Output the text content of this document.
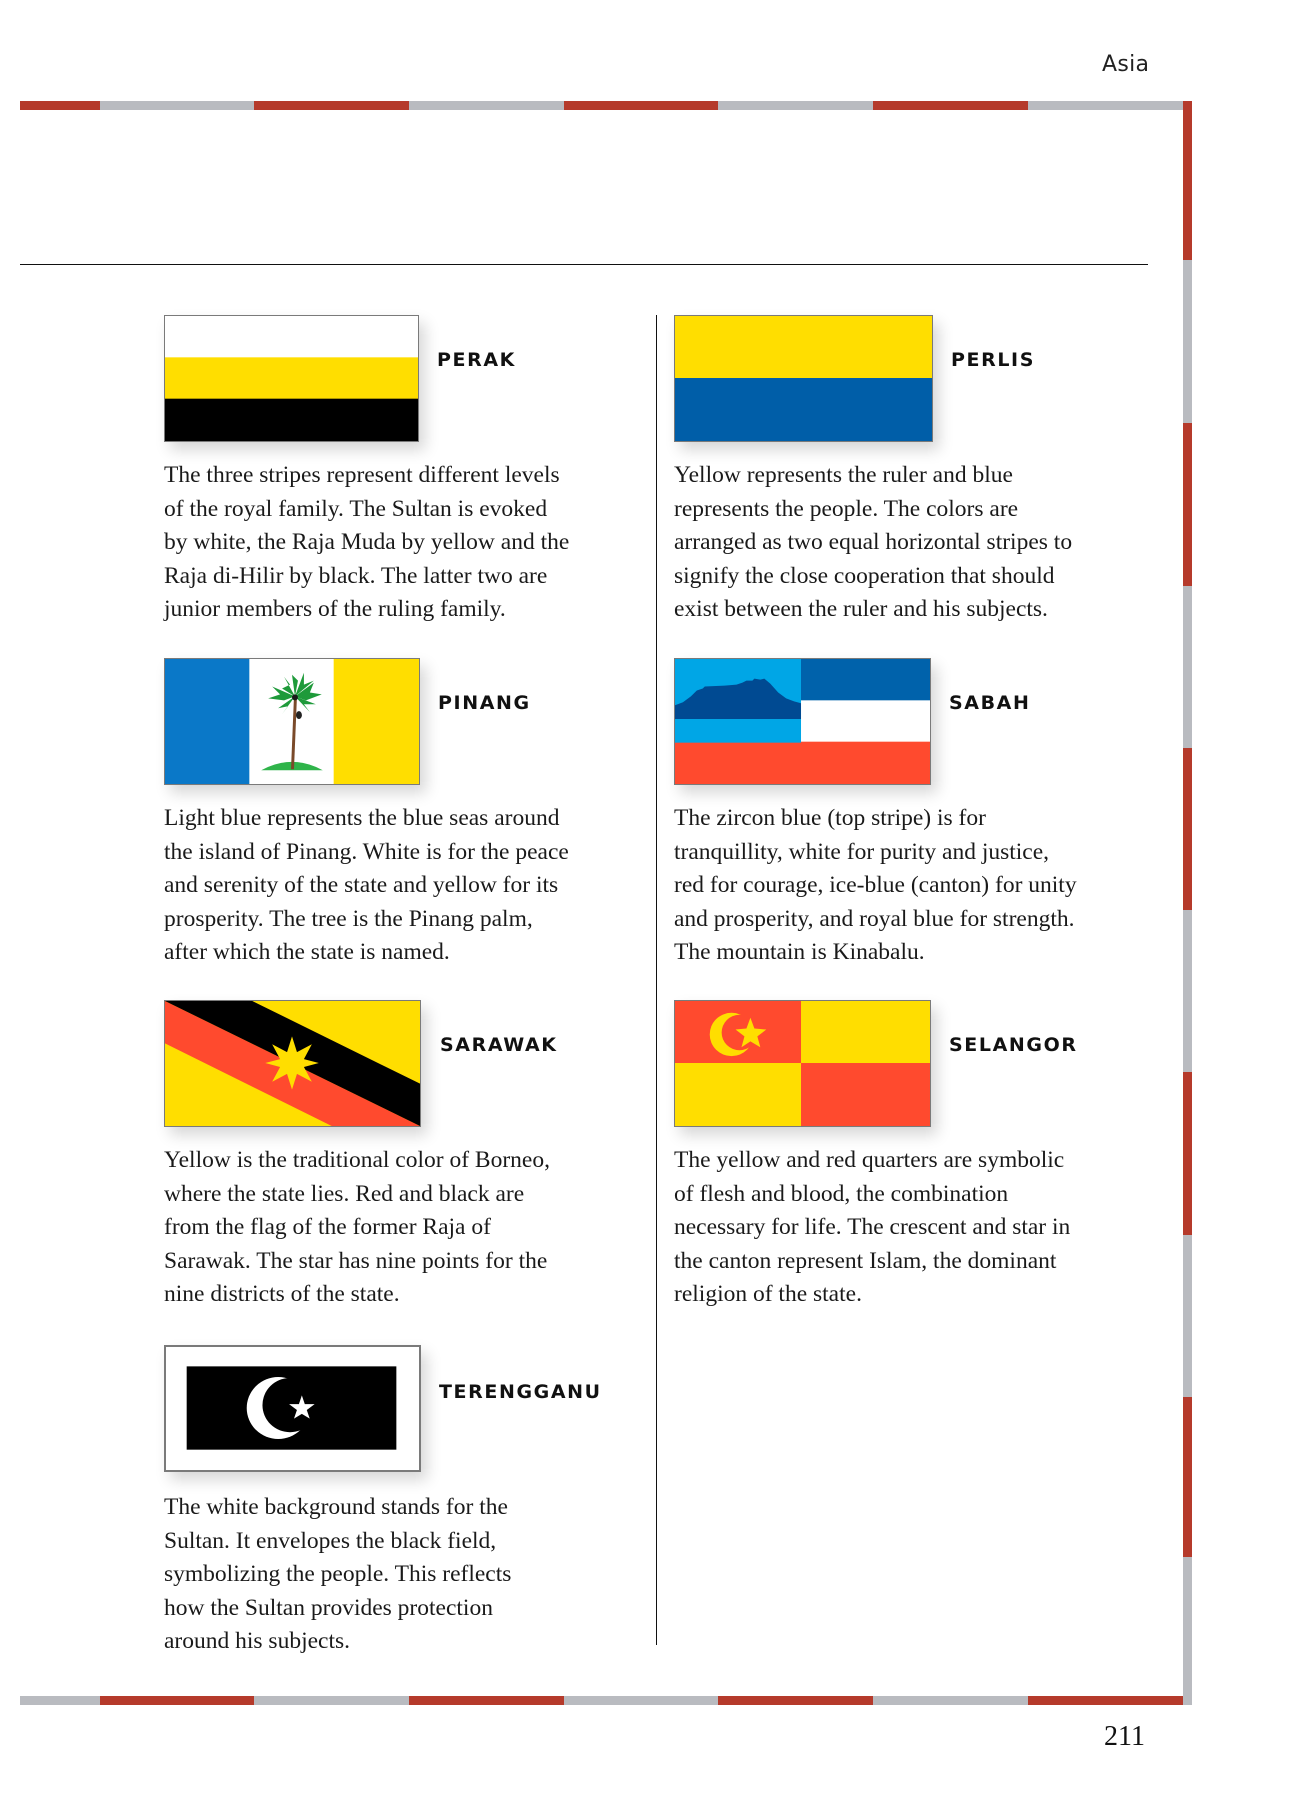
Asia
PERAK
The three stripes represent different levels
of the royal family. The Sultan is evoked
by white, the Raja Muda by yellow and the
Raja di-Hilir by black. The latter two are
junior members of the ruling family.
PERLIS
Yellow represents the ruler and blue
represents the people. The colors are
arranged as two equal horizontal stripes to
signify the close cooperation that should
exist between the ruler and his subjects.
PINANG
Light blue represents the blue seas around
the island of Pinang. White is for the peace
and serenity of the state and yellow for its
prosperity. The tree is the Pinang palm,
after which the state is named.
SABAH
The zircon blue (top stripe) is for
tranquillity, white for purity and justice,
red for courage, ice-blue (canton) for unity
and prosperity, and royal blue for strength.
The mountain is Kinabalu.
SARAWAK
Yellow is the traditional color of Borneo,
where the state lies. Red and black are
from the flag of the former Raja of
Sarawak. The star has nine points for the
nine districts of the state.
SELANGOR
The yellow and red quarters are symbolic
of flesh and blood, the combination
necessary for life. The crescent and star in
the canton represent Islam, the dominant
religion of the state.
TERENGGANU
The white background stands for the
Sultan. It envelopes the black field,
symbolizing the people. This reflects
how the Sultan provides protection
around his subjects.
211
